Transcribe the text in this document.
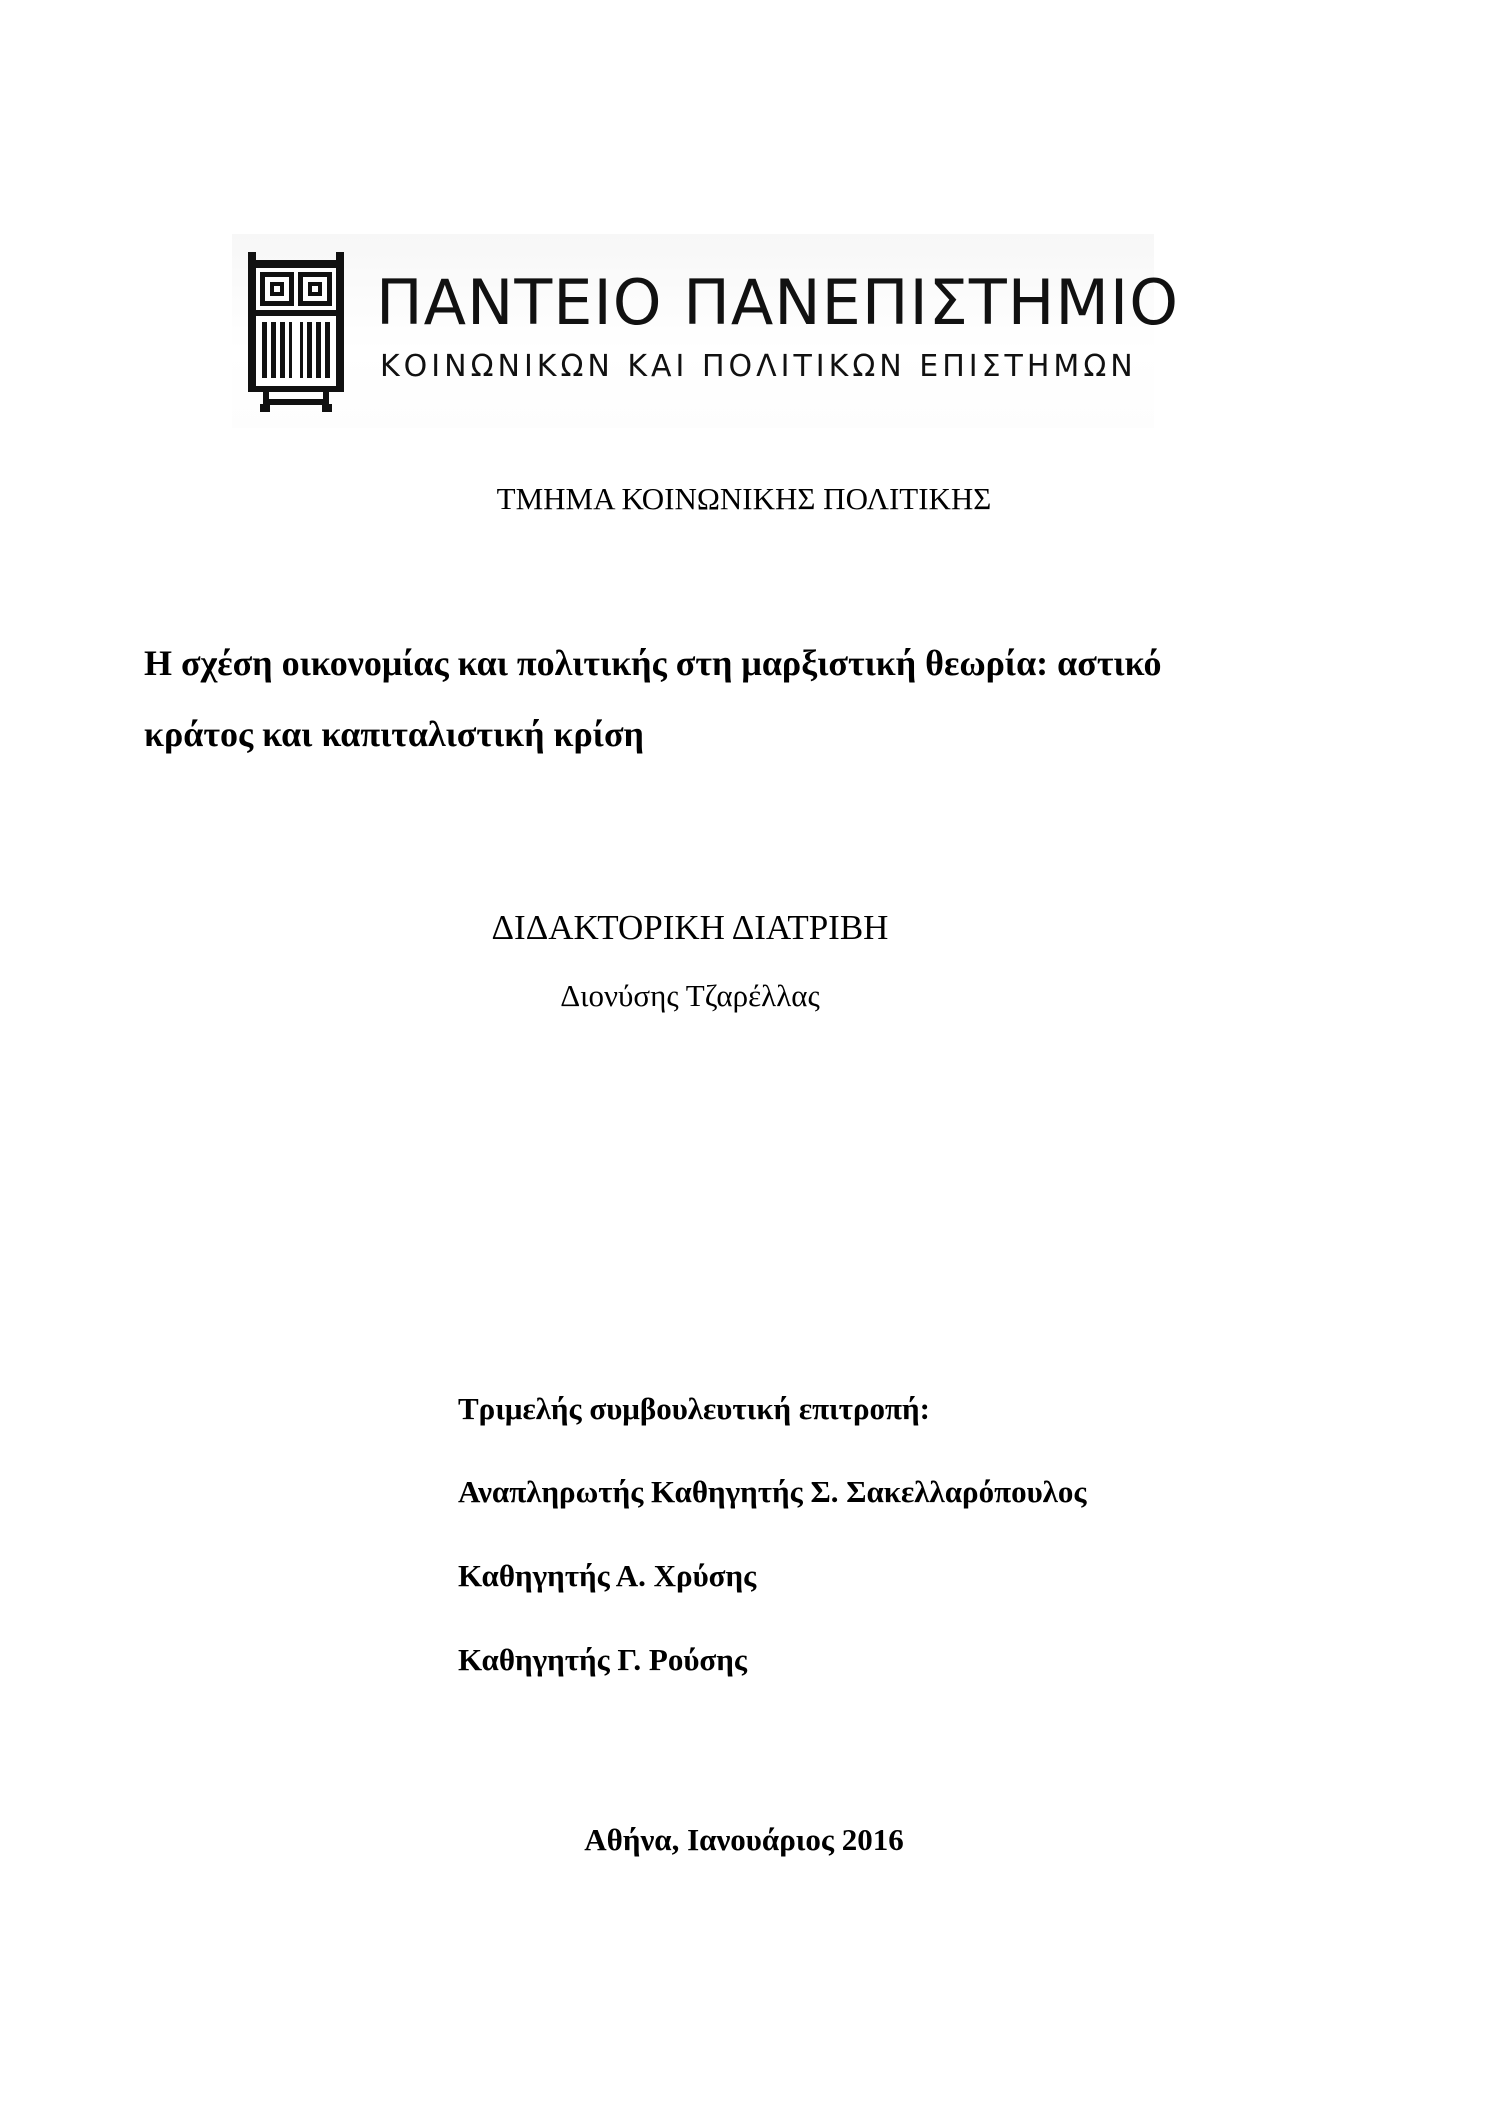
ΠΑΝΤΕΙΟ ΠΑΝΕΠΙΣΤΗΜΙΟ
ΚΟΙΝΩΝΙΚΩΝ ΚΑΙ ΠΟΛΙΤΙΚΩΝ ΕΠΙΣΤΗΜΩΝ
ΤΜΗΜΑ ΚΟΙΝΩΝΙΚΗΣ ΠΟΛΙΤΙΚΗΣ
Η σχέση οικονομίας και πολιτικής στη μαρξιστική θεωρία: αστικό
κράτος και καπιταλιστική κρίση
ΔΙΔΑΚΤΟΡΙΚΗ ΔΙΑΤΡΙΒΗ
Διονύσης Τζαρέλλας
Τριμελής συμβουλευτική επιτροπή:
Αναπληρωτής Καθηγητής Σ. Σακελλαρόπουλος
Καθηγητής Α. Χρύσης
Καθηγητής Γ. Ρούσης
Αθήνα, Ιανουάριος 2016
